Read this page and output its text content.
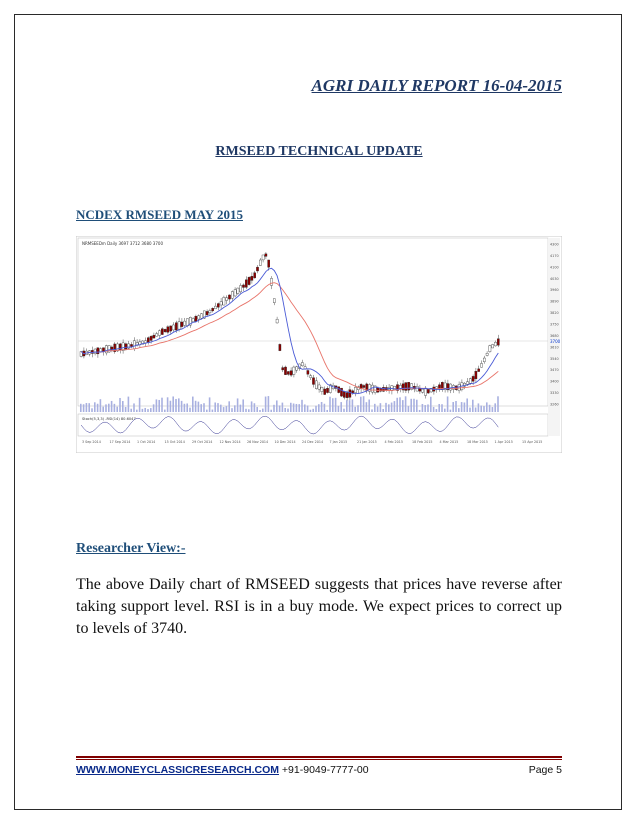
AGRI DAILY REPORT 16-04-2015
RMSEED TECHNICAL UPDATE
NCDEX RMSEED MAY 2015
NRMSEEDm Daily 3697 3712 3680 3700
Stoch(5,3,3) -RSI(14) 80.6047
3700
4300
4170
4100
4030
3960
3890
3820
3750
3680
3610
3540
3470
3400
3330
3260
3 Sep 2014	17 Sep 2014 1 Oct 2014	15 Oct 2014 29 Oct 2014 12 Nov 2014 26 Nov 2014 10 Dec 2014 24 Dec 2014 7 Jan 2015	21 Jan 2015 4 Feb 2015	18 Feb 2015 4 Mar 2015	18 Mar 2015 1 Apr 2015	15 Apr 2015
Researcher View:-
The above Daily chart of RMSEED suggests that prices have reverse after taking support level. RSI is in a buy mode. We expect prices to correct up to levels of 3740.
WWW.MONEYCLASSICRESEARCH.COM +91-9049-7777-00	Page 5
